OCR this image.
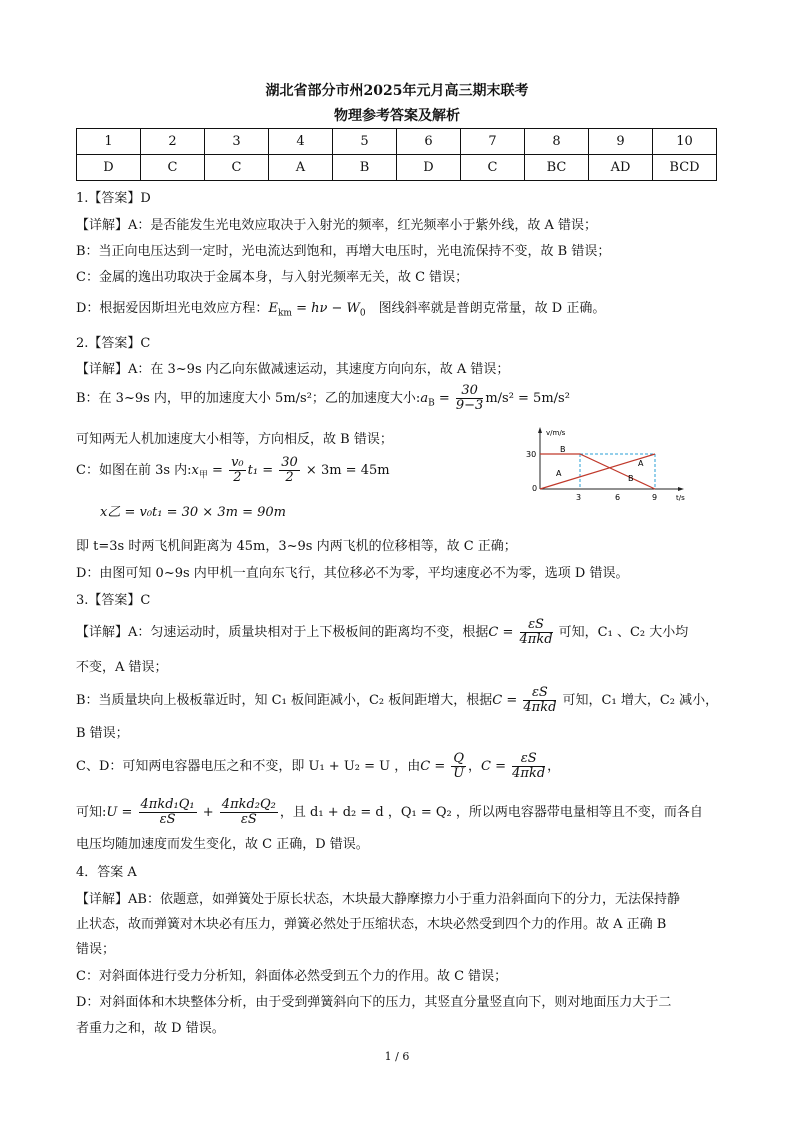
湖北省部分市州2025年元月高三期末联考
物理参考答案及解析
1	2	3	4	5	6	7	8	9	10
D	C	C	A	B	D	C	BC	AD	BCD
1.【答案】D
【详解】A：是否能发生光电效应取决于入射光的频率，红光频率小于紫外线，故 A 错误；
B：当正向电压达到一定时，光电流达到饱和，再增大电压时，光电流保持不变，故 B 错误；
C：金属的逸出功取决于金属本身，与入射光频率无关，故 C 错误；
D：根据爱因斯坦光电效应方程：$E_{km} = h\nu - W_0$　图线斜率就是普朗克常量，故 D 正确。
2.【答案】C
【详解】A：在 3~9s 内乙向东做减速运动，其速度方向向东，故 A 错误；
B：在 3~9s 内，甲的加速度大小 5m/s²；乙的加速度大小$:a_B = \frac{30}{9-3} m/s^2 = 5m/s^2$
可知两无人机加速度大小相等，方向相反，故 B 错误；
C：如图在前 3s 内$:x_甲 = \frac{\text{v₀}}{2} t_1 = \frac{30}{2} \times 3m = 45m$
x乙 = v₀t₁ = 30 × 3m = 90m
即 t=3s 时两飞机间距离为 45m，3~9s 内两飞机的位移相等，故 C 正确；
D：由图可知 0~9s 内甲机一直向东飞行，其位移必不为零，平均速度必不为零，选项 D 错误。
v/m/s
t/s
30
0
3	6	9
B
A
A
B
3.【答案】C
【详解】A：匀速运动时，质量块相对于上下极板间的距离均不变，根据$C = \frac{\varepsilon S}{\text{4πkd}}$ 可知，C₁ 、C₂ 大小均
不变，A 错误；
B：当质量块向上极板靠近时，知 C₁ 板间距减小，C₂ 板间距增大，根据$C = \frac{\varepsilon S}{\text{4πkd}}$ 可知，C₁ 增大，C₂ 减小，
B 错误；
C、D：可知两电容器电压之和不变，即 U₁ + U₂ = U ，由$C = \frac{Q}{U}$ ，$C = \frac{\varepsilon S}{\text{4πkd}}$ ，
可知:U = $\frac{\text{4πkd₁Q₁}}{\varepsilon S} + \frac{\text{4πkd₂Q₂}}{\varepsilon S}$ ，且 d₁ + d₂ = d ，Q₁ = Q₂ ，所以两电容器带电量相等且不变，而各自
电压均随加速度而发生变化，故 C 正确，D 错误。
4．答案 A
【详解】AB：依题意，如弹簧处于原长状态，木块最大静摩擦力小于重力沿斜面向下的分力，无法保持静
止状态，故而弹簧对木块必有压力，弹簧必然处于压缩状态，木块必然受到四个力的作用。故 A 正确 B
错误；
C：对斜面体进行受力分析知，斜面体必然受到五个力的作用。故 C 错误；
D：对斜面体和木块整体分析，由于受到弹簧斜向下的压力，其竖直分量竖直向下，则对地面压力大于二
者重力之和，故 D 错误。
1 / 6
